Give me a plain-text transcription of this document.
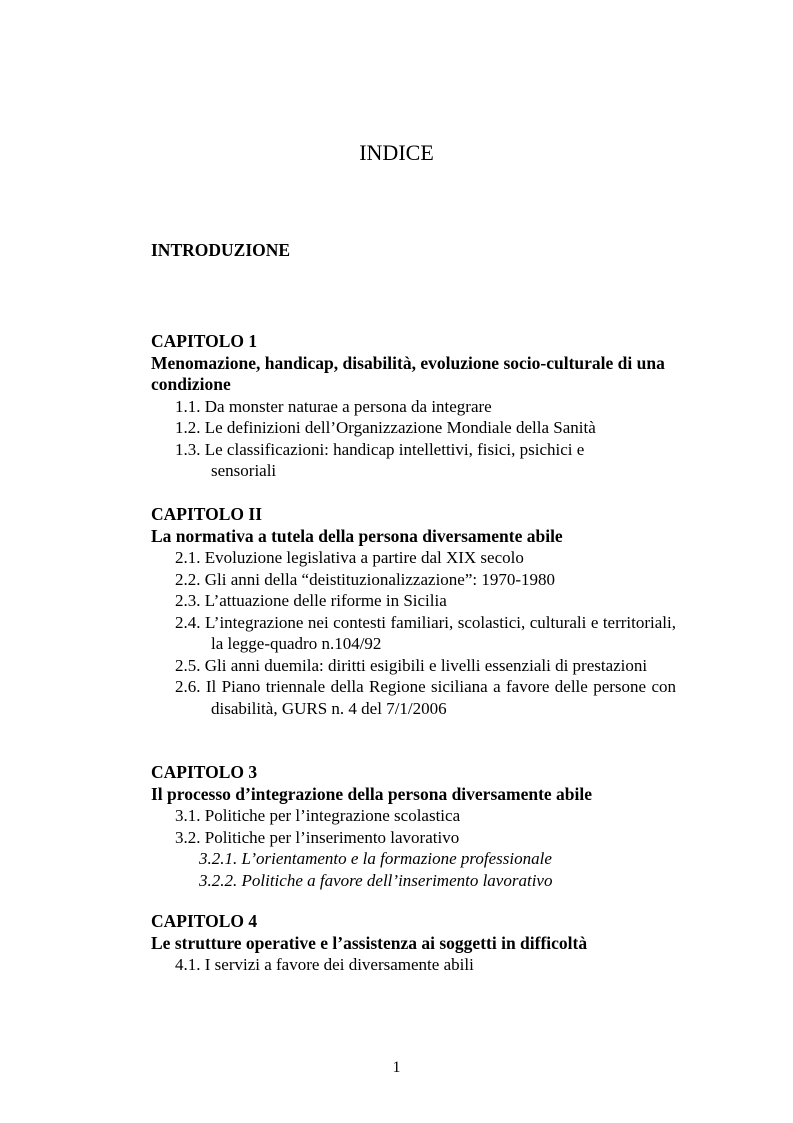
INDICE
INTRODUZIONE
CAPITOLO 1
Menomazione, handicap, disabilità, evoluzione socio-culturale di una condizione
1.1. Da monster naturae a persona da integrare
1.2. Le definizioni dell’Organizzazione Mondiale della Sanità
1.3. Le classificazioni: handicap intellettivi, fisici, psichici e sensoriali
CAPITOLO II
La normativa a tutela della persona diversamente abile
2.1. Evoluzione legislativa a partire dal XIX secolo
2.2. Gli anni della “deistituzionalizzazione”: 1970-1980
2.3. L’attuazione delle riforme in Sicilia
2.4. L’integrazione nei contesti familiari, scolastici, culturali e territoriali, la legge-quadro n.104/92
2.5. Gli anni duemila: diritti esigibili e livelli essenziali di prestazioni
2.6. Il Piano triennale della Regione siciliana a favore delle persone con disabilità, GURS n. 4 del 7/1/2006
CAPITOLO 3
Il processo d’integrazione della persona diversamente abile
3.1. Politiche per l’integrazione scolastica
3.2. Politiche per l’inserimento lavorativo
3.2.1. L’orientamento e la formazione professionale
3.2.2. Politiche a favore dell’inserimento lavorativo
CAPITOLO 4
Le strutture operative e l’assistenza ai soggetti in difficoltà
4.1. I servizi a favore dei diversamente abili
1
